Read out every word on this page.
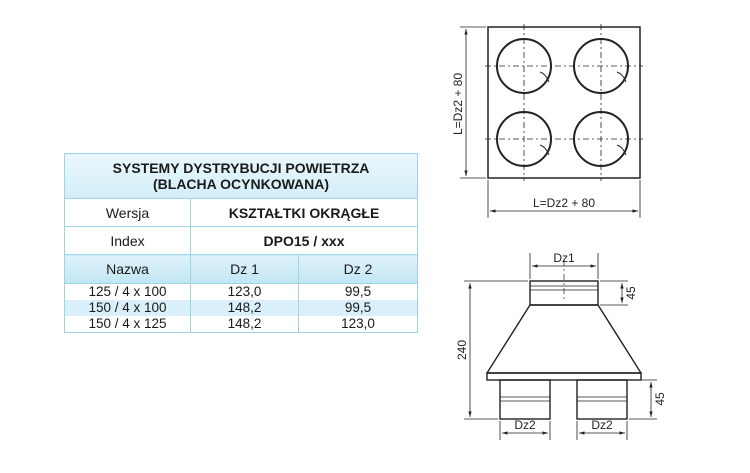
SYSTEMY DYSTRYBUCJI POWIETRZA
(BLACHA OCYNKOWANA)		

Wersja	KSZTAŁTKI OKRĄGŁE	
Index	DPO15 / xxx	
Nazwa	Dz 1	Dz 2
125 / 4 x 100	123,0	99,5
150 / 4 x 100	148,2	99,5
150 / 4 x 125	148,2	123,0
L=Dz2 + 80
L=Dz2 + 80
Dz1
45
240
45
Dz2	Dz2
